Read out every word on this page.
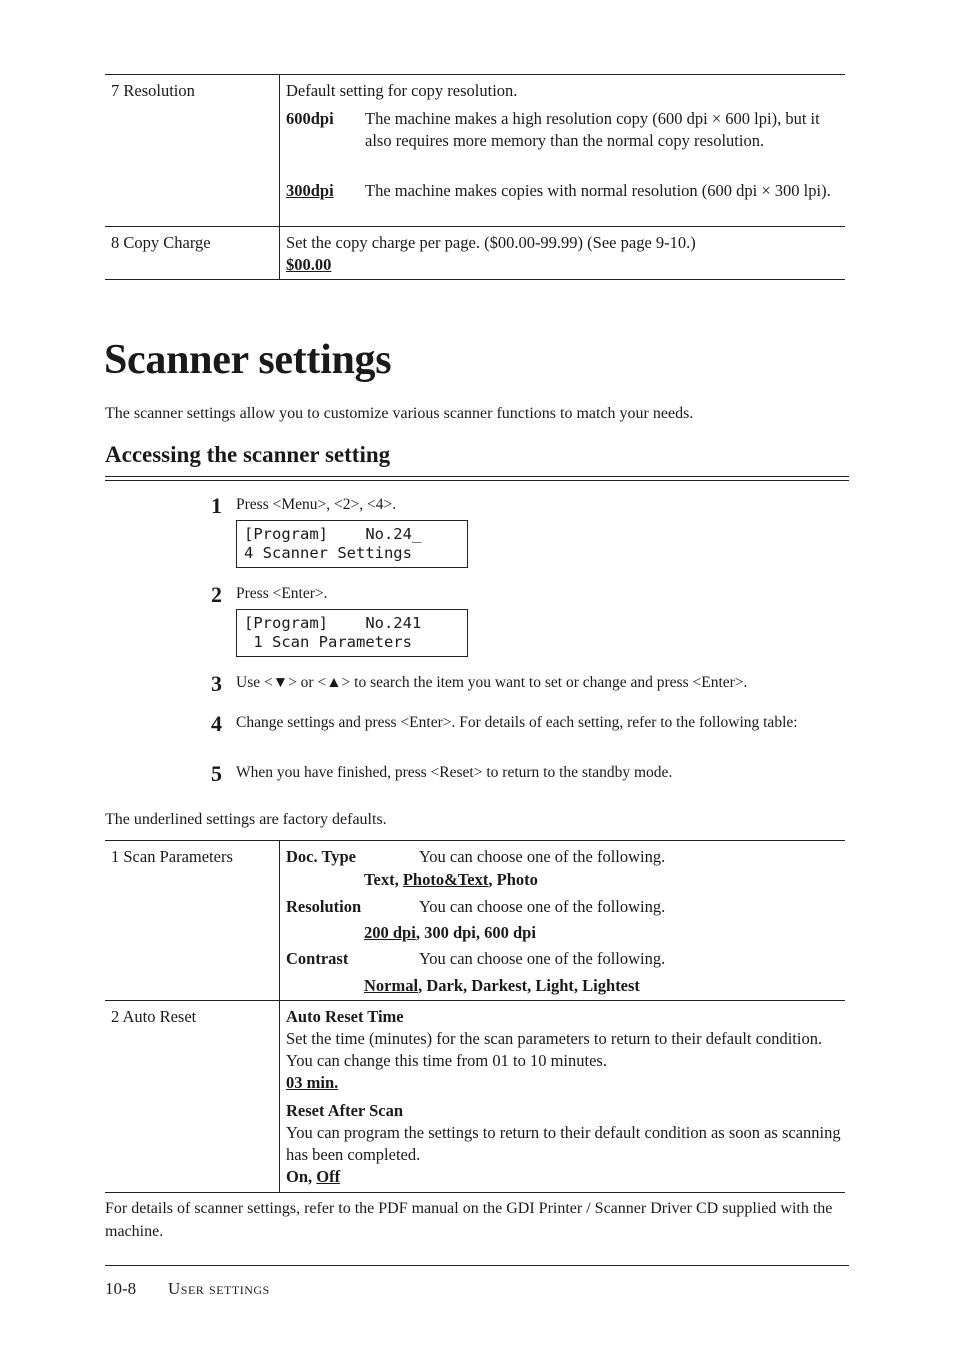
7 Resolution	Default setting for copy resolution.
600dpi The machine makes a high resolution copy (600 dpi × 600 lpi), but it also requires more memory than the normal copy resolution.
300dpi The machine makes copies with normal resolution (600 dpi × 300 lpi).
8 Copy Charge	Set the copy charge per page. ($00.00-99.99) (See page 9-10.)
$00.00
Scanner settings
The scanner settings allow you to customize various scanner functions to match your needs.
Accessing the scanner setting
1 Press <Menu>, <2>, <4>.
[Program]    No.24_
4 Scanner Settings
2 Press <Enter>.
[Program]    No.241
1 Scan Parameters
3 Use <▼> or <▲> to search the item you want to set or change and press <Enter>.
4 Change settings and press <Enter>. For details of each setting, refer to the following table:
5 When you have finished, press <Reset> to return to the standby mode.
The underlined settings are factory defaults.
1 Scan Parameters	Doc. Type	You can choose one of the following.
Text, Photo&Text, Photo
Resolution	You can choose one of the following.
200 dpi, 300 dpi, 600 dpi
Contrast	You can choose one of the following.
Normal, Dark, Darkest, Light, Lightest
2 Auto Reset	Auto Reset Time
Set the time (minutes) for the scan parameters to return to their default condition. You can change this time from 01 to 10 minutes.
03 min.
Reset After Scan
You can program the settings to return to their default condition as soon as scanning has been completed.
On, Off
For details of scanner settings, refer to the PDF manual on the GDI Printer / Scanner Driver CD supplied with the machine.
10-8 User settings
